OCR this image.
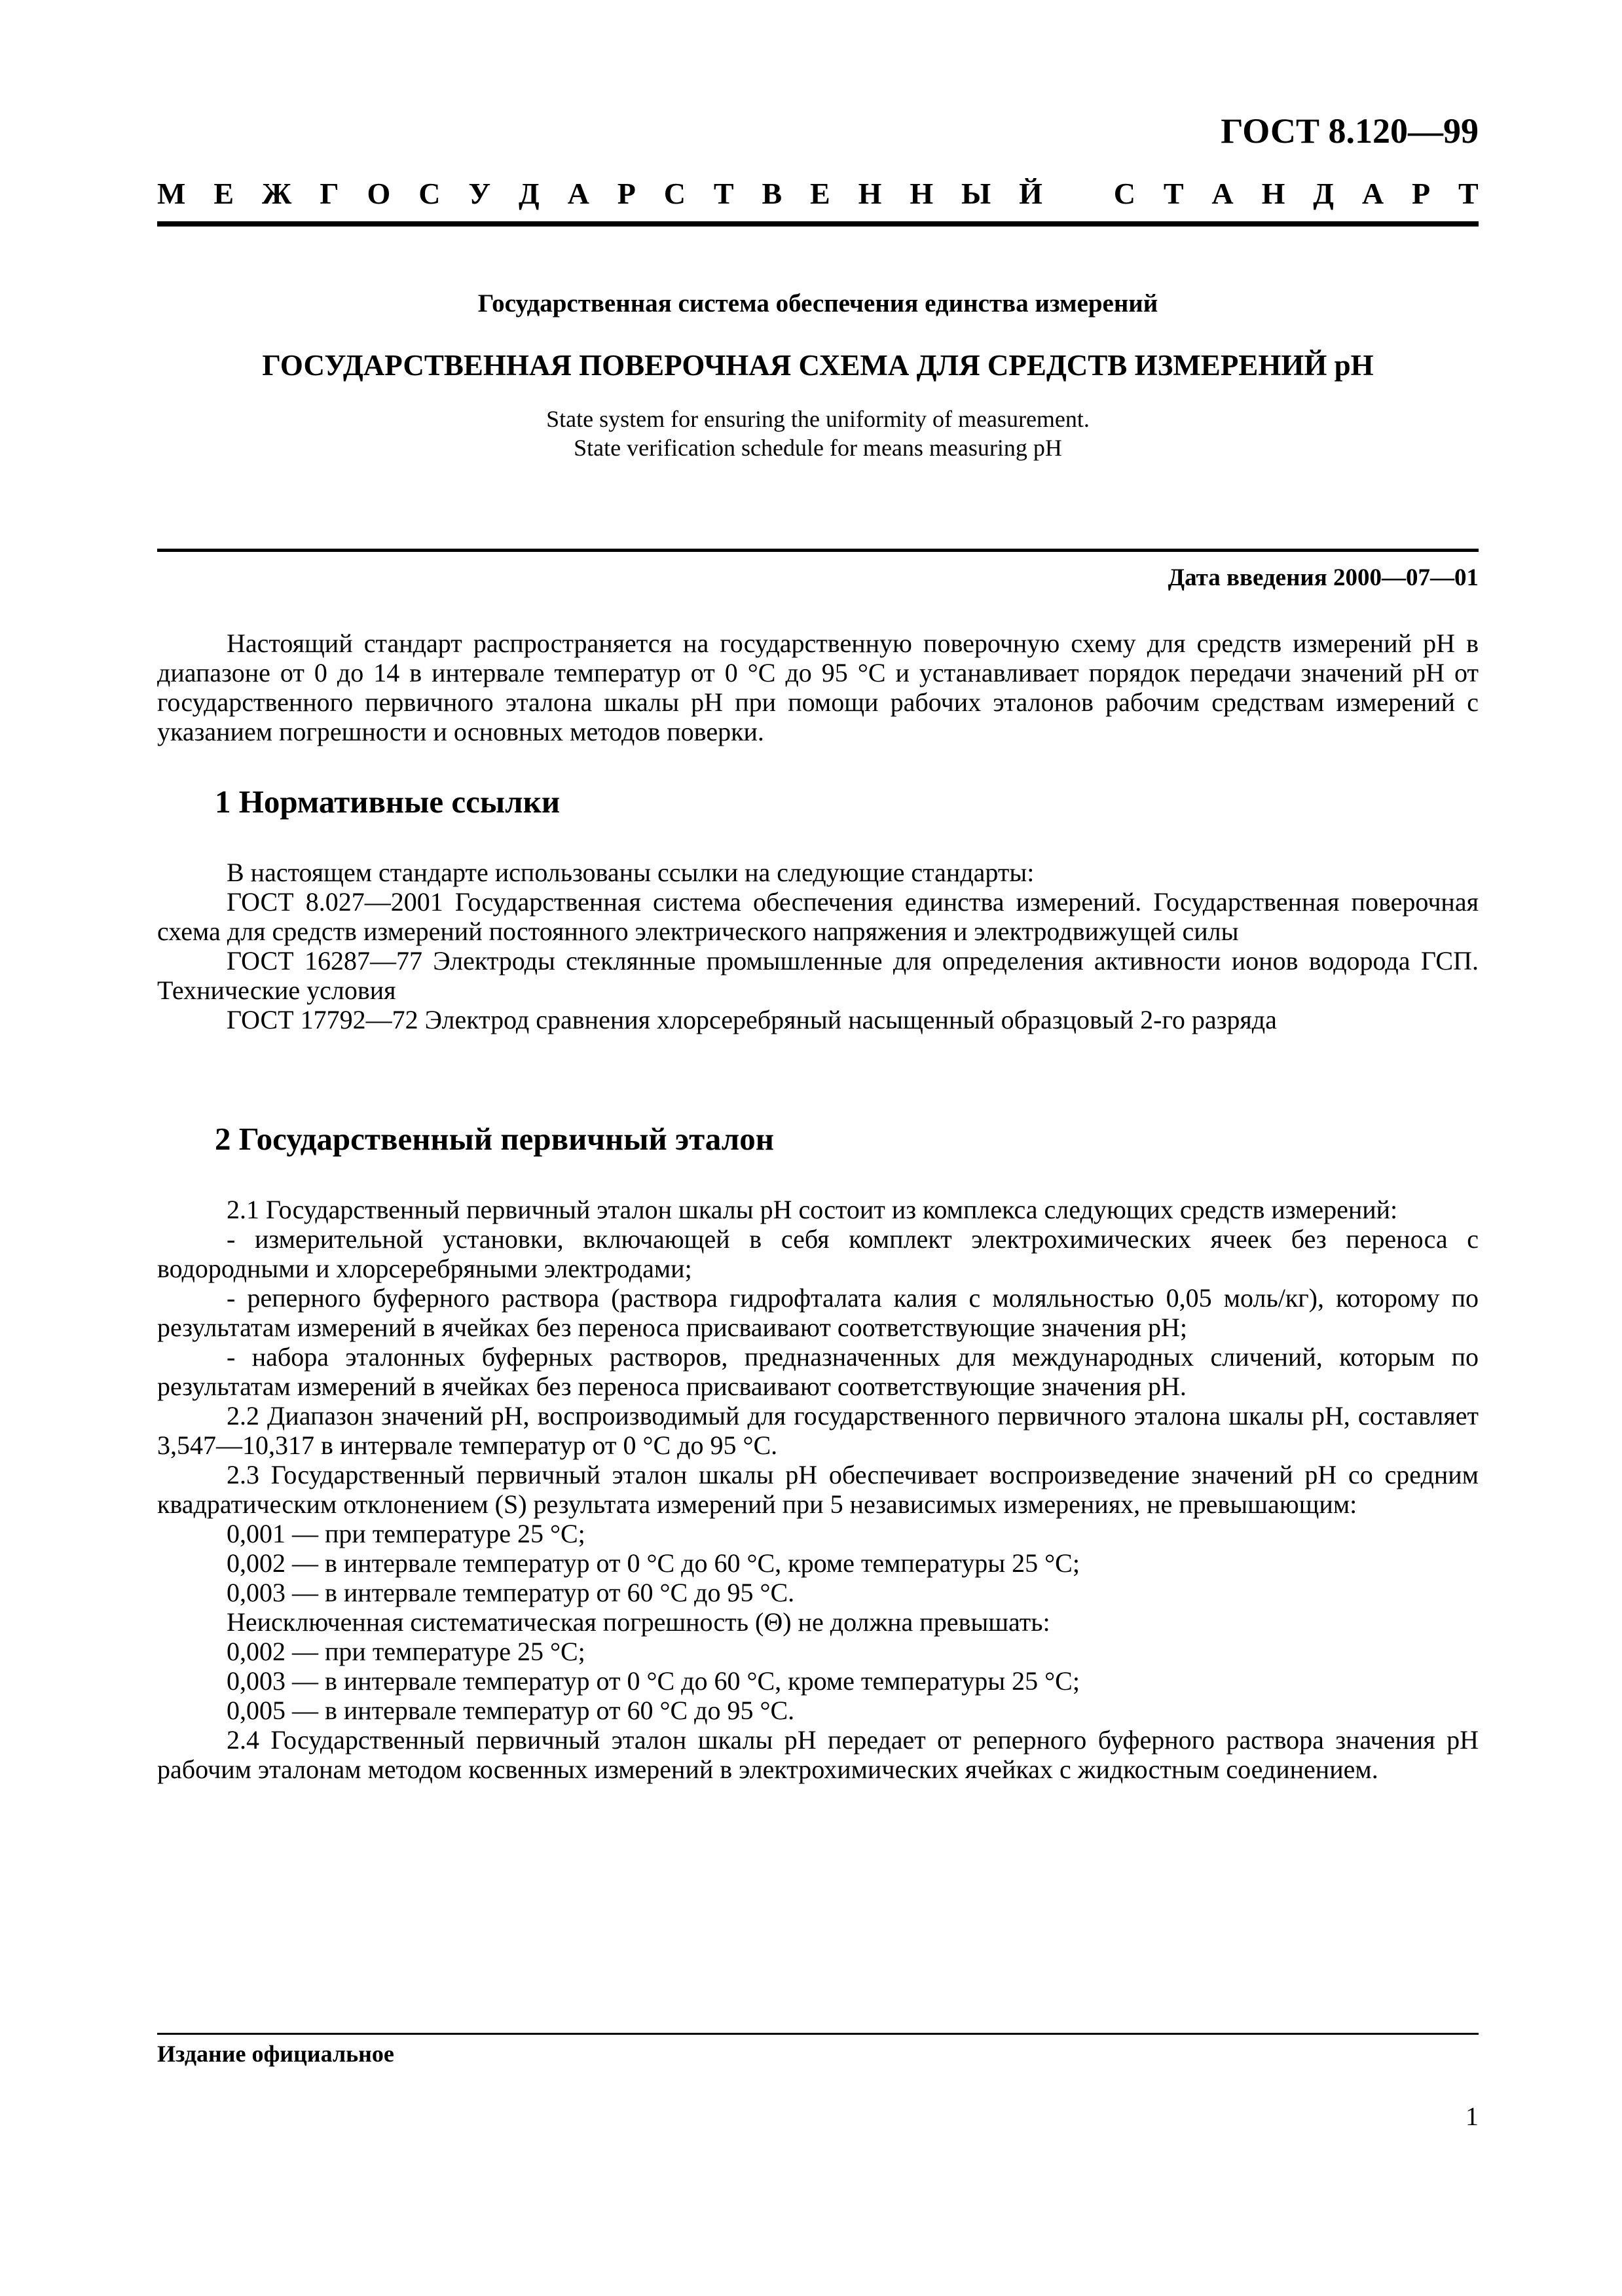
ГОСТ 8.120—99
М Е Ж Г О С У Д А Р С Т В Е Н Н Ы Й
С Т А Н Д А Р Т
Государственная система обеспечения единства измерений
ГОСУДАРСТВЕННАЯ ПОВЕРОЧНАЯ СХЕМА ДЛЯ СРЕДСТВ ИЗМЕРЕНИЙ pH
State system for ensuring the uniformity of measurement.
State verification schedule for means measuring pH
Дата введения 2000—07—01

Настоящий стандарт распространяется на государственную поверочную схему для средств измерений pH в диапазоне от 0 до 14 в интервале температур от 0 °С до 95 °С и устанавливает порядок передачи значений pH от государственного первичного эталона шкалы pH при помощи рабочих эталонов рабочим средствам измерений с указанием погрешности и основных методов поверки.

1 Нормативные ссылки

В настоящем стандарте использованы ссылки на следующие стандарты:

ГОСТ 8.027—2001 Государственная система обеспечения единства измерений. Государственная поверочная схема для средств измерений постоянного электрического напряжения и электродвижущей силы

ГОСТ 16287—77 Электроды стеклянные промышленные для определения активности ионов водорода ГСП. Технические условия

ГОСТ 17792—72 Электрод сравнения хлорсеребряный насыщенный образцовый 2-го разряда

2 Государственный первичный эталон

2.1 Государственный первичный эталон шкалы pH состоит из комплекса следующих средств измерений:

- измерительной установки, включающей в себя комплект электрохимических ячеек без переноса с водородными и хлорсеребряными электродами;

- реперного буферного раствора (раствора гидрофталата калия с моляльностью 0,05 моль/кг), которому по результатам измерений в ячейках без переноса присваивают соответствующие значения pH;

- набора эталонных буферных растворов, предназначенных для международных сличений, которым по результатам измерений в ячейках без переноса присваивают соответствующие значения pH.

2.2 Диапазон значений pH, воспроизводимый для государственного первичного эталона шкалы pH, составляет 3,547—10,317 в интервале температур от 0 °С до 95 °С.

2.3 Государственный первичный эталон шкалы pH обеспечивает воспроизведение значений pH со средним квадратическим отклонением (S) результата измерений при 5 независимых измерениях, не превышающим:

0,001 — при температуре 25 °С;

0,002 — в интервале температур от 0 °С до 60 °С, кроме температуры 25 °С;

0,003 — в интервале температур от 60 °С до 95 °С.

Неисключенная систематическая погрешность (Θ) не должна превышать:

0,002 — при температуре 25 °С;

0,003 — в интервале температур от 0 °С до 60 °С, кроме температуры 25 °С;

0,005 — в интервале температур от 60 °С до 95 °С.

2.4 Государственный первичный эталон шкалы pH передает от реперного буферного раствора значения pH рабочим эталонам методом косвенных измерений в электрохимических ячейках с жидкостным соединением.

Издание официальное
1
